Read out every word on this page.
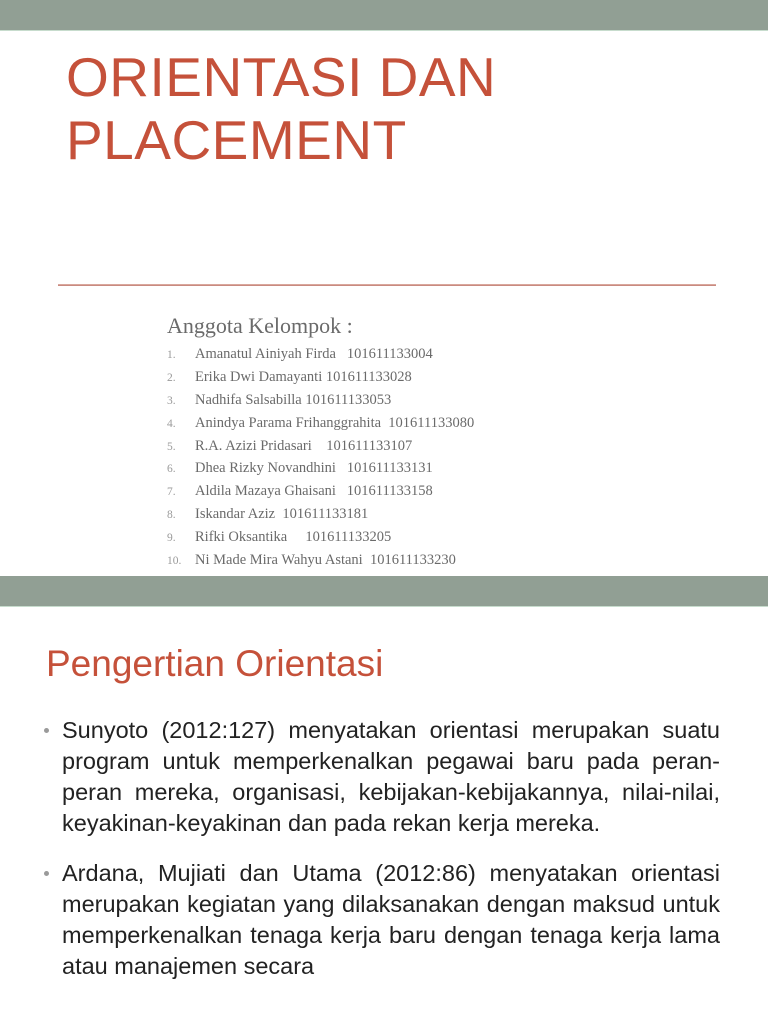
ORIENTASI DAN PLACEMENT
Anggota Kelompok :
1. Amanatul Ainiyah Firda   101611133004
2. Erika Dwi Damayanti 101611133028
3. Nadhifa Salsabilla 101611133053
4. Anindya Parama Frihanggrahita  101611133080
5. R.A. Azizi Pridasari    101611133107
6. Dhea Rizky Novandhini   101611133131
7. Aldila Mazaya Ghaisani   101611133158
8. Iskandar Aziz  101611133181
9. Rifki Oksantika     101611133205
10. Ni Made Mira Wahyu Astani  101611133230
Pengertian Orientasi
Sunyoto (2012:127) menyatakan orientasi merupakan suatu program untuk memperkenalkan pegawai baru pada peran-peran mereka, organisasi, kebijakan-kebijakannya, nilai-nilai, keyakinan-keyakinan dan pada rekan kerja mereka.
Ardana, Mujiati dan Utama (2012:86) menyatakan orientasi merupakan kegiatan yang dilaksanakan dengan maksud untuk memperkenalkan tenaga kerja baru dengan tenaga kerja lama atau manajemen secara
